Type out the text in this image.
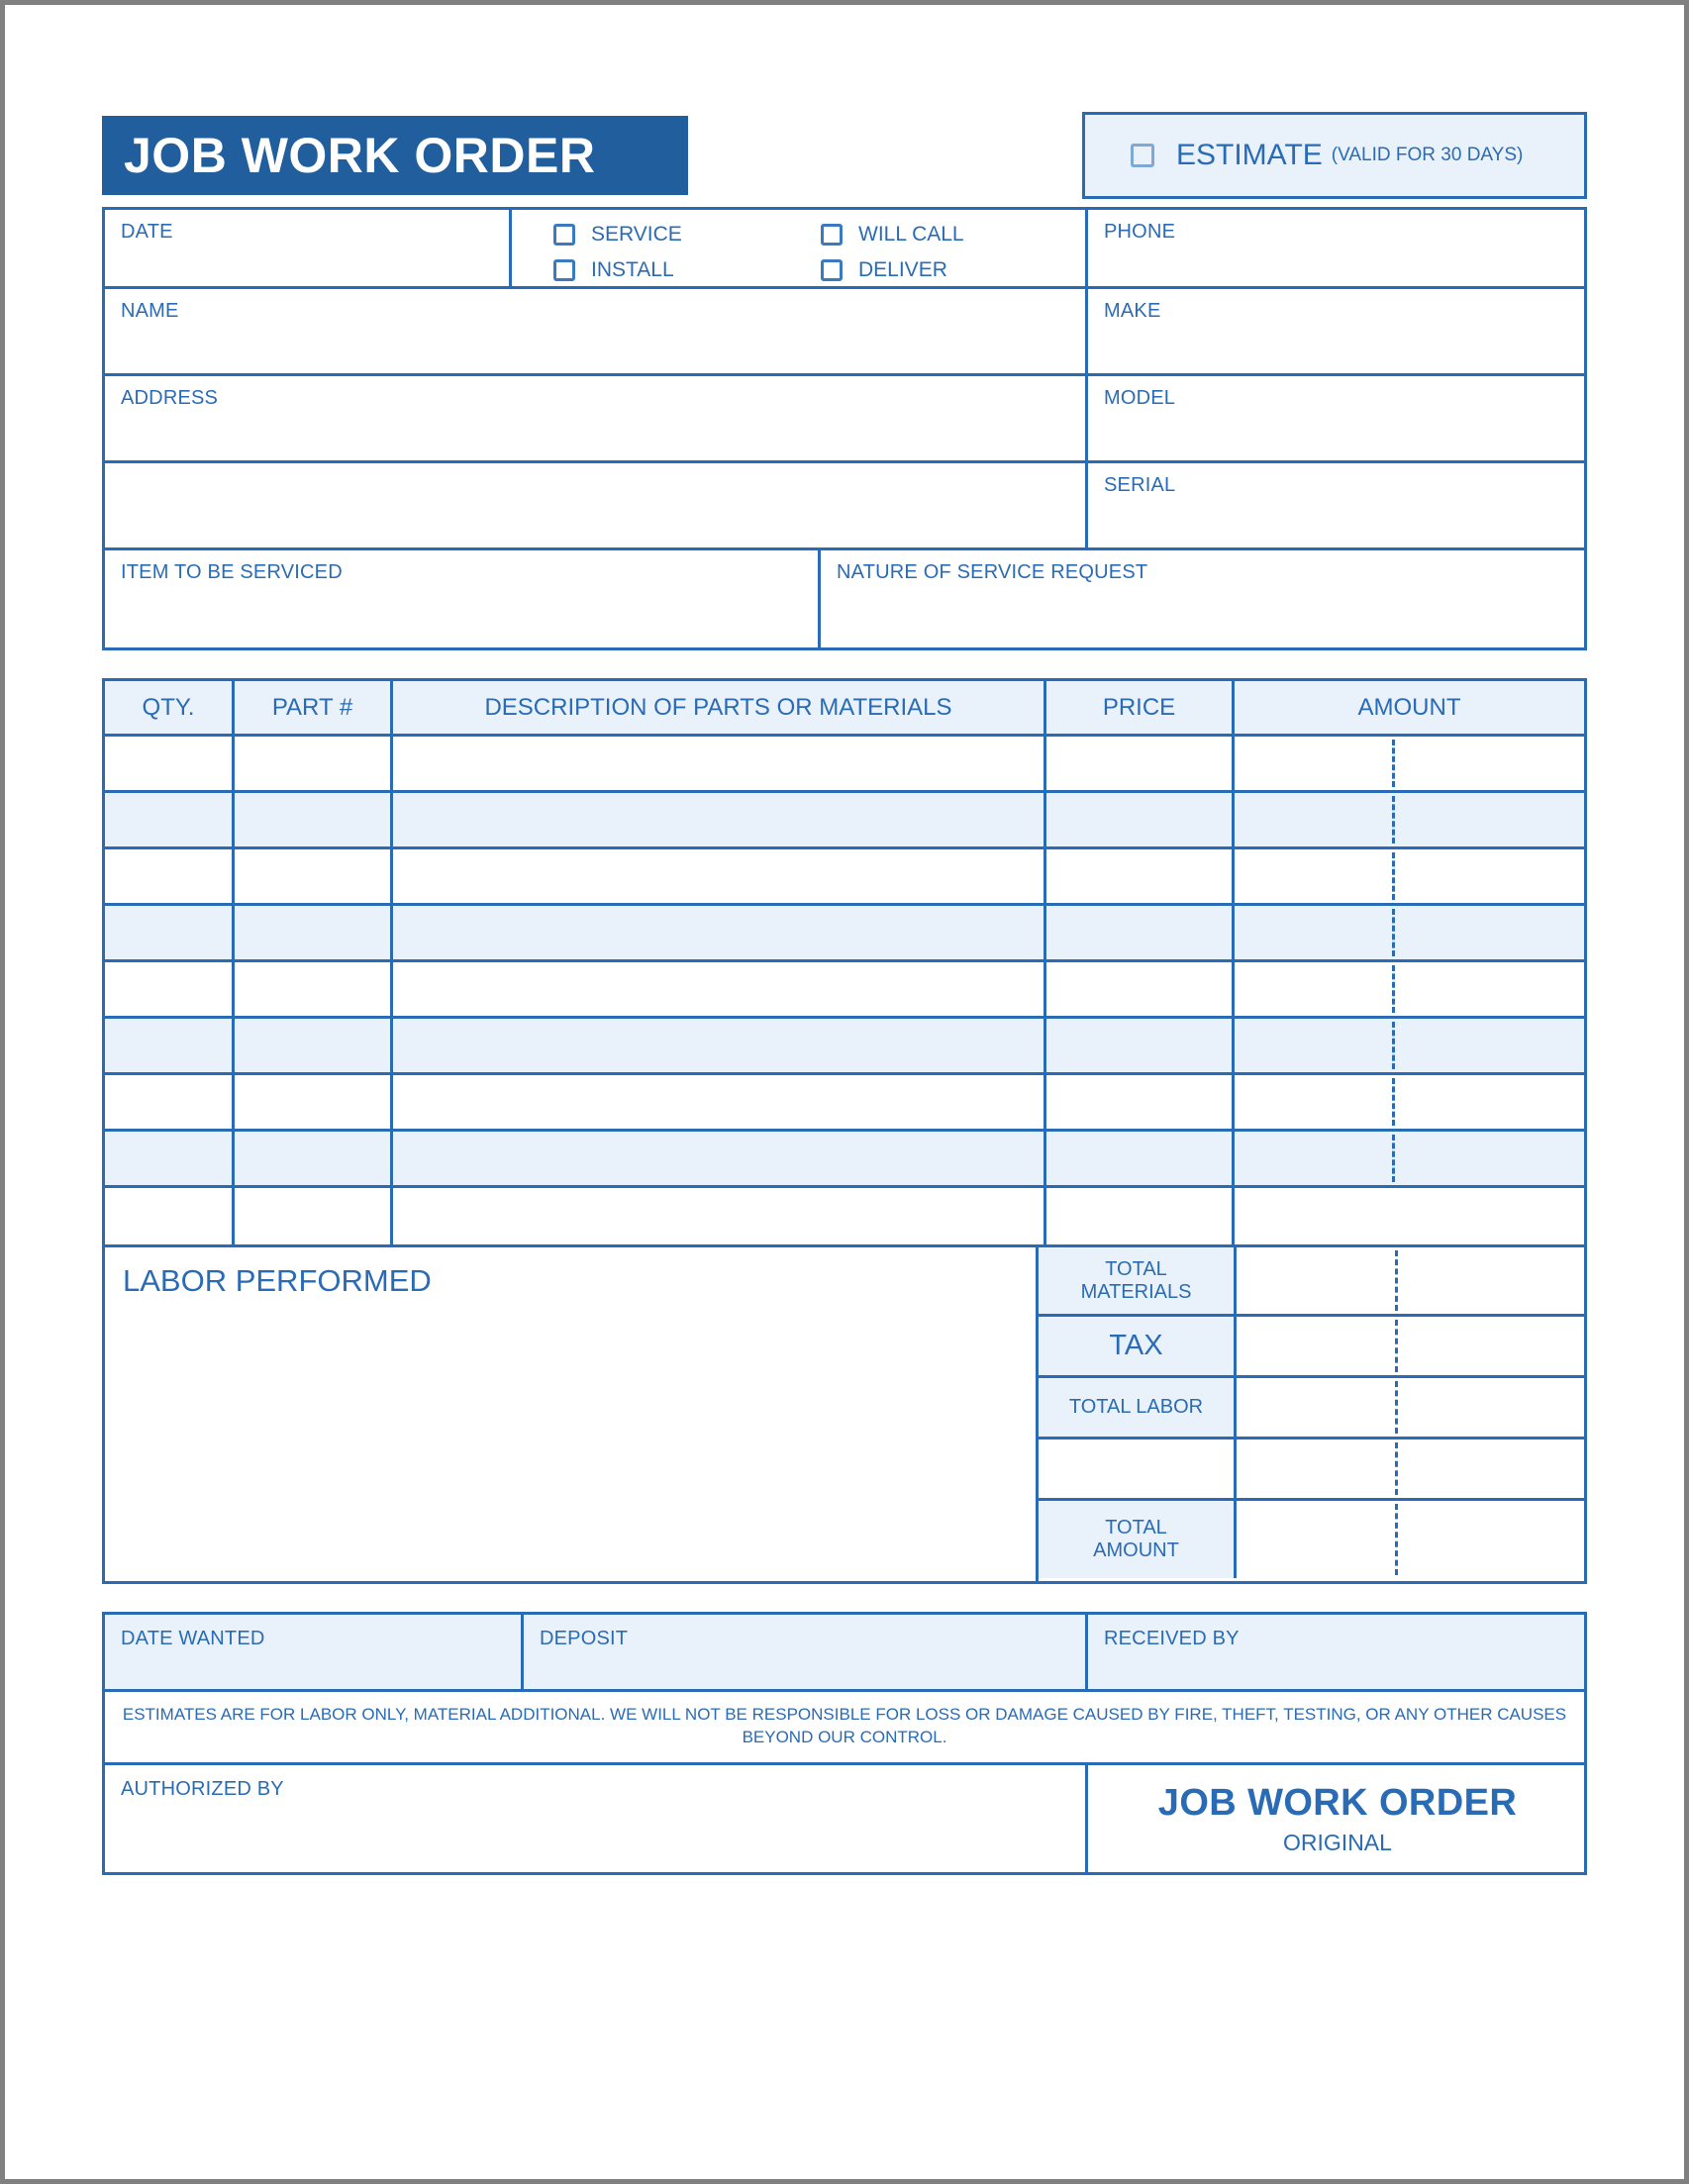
JOB WORK ORDER	ESTIMATE (VALID FOR 30 DAYS)
DATE	SERVICE	WILL CALL
INSTALL	DELIVER
PHONE
NAME	MAKE
ADDRESS	MODEL
SERIAL
ITEM TO BE SERVICED	NATURE OF SERVICE REQUEST
QTY.	PART #	DESCRIPTION OF PARTS OR MATERIALS	PRICE	AMOUNT
LABOR PERFORMED	TOTAL
MATERIALS
TAX
TOTAL LABOR
TOTAL
AMOUNT
DATE WANTED	DEPOSIT	RECEIVED BY
ESTIMATES ARE FOR LABOR ONLY, MATERIAL ADDITIONAL. WE WILL NOT BE RESPONSIBLE FOR LOSS OR DAMAGE CAUSED BY FIRE, THEFT, TESTING, OR ANY OTHER CAUSES BEYOND OUR CONTROL.
AUTHORIZED BY	JOB WORK ORDER
ORIGINAL
